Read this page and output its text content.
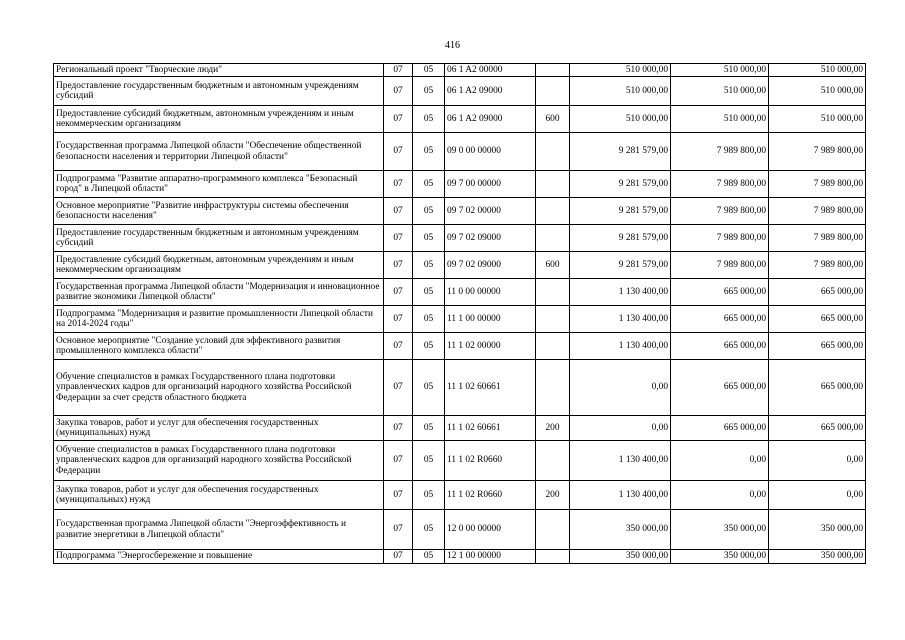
416
Региональный проект "Творческие люди"	07	05	06 1 A2 00000		510 000,00	510 000,00	510 000,00
Предоставление государственным бюджетным и автономным учреждениям субсидий	07	05	06 1 A2 09000		510 000,00	510 000,00	510 000,00
Предоставление субсидий бюджетным, автономным учреждениям и иным некоммерческим организациям	07	05	06 1 A2 09000	600	510 000,00	510 000,00	510 000,00
Государственная программа Липецкой области "Обеспечение общественной безопасности населения и территории Липецкой области"	07	05	09 0 00 00000		9 281 579,00	7 989 800,00	7 989 800,00
Подпрограмма "Развитие аппаратно-программного комплекса "Безопасный город" в Липецкой области"	07	05	09 7 00 00000		9 281 579,00	7 989 800,00	7 989 800,00
Основное мероприятие "Развитие инфраструктуры системы обеспечения безопасности населения"	07	05	09 7 02 00000		9 281 579,00	7 989 800,00	7 989 800,00
Предоставление государственным бюджетным и автономным учреждениям субсидий	07	05	09 7 02 09000		9 281 579,00	7 989 800,00	7 989 800,00
Предоставление субсидий бюджетным, автономным учреждениям и иным некоммерческим организациям	07	05	09 7 02 09000	600	9 281 579,00	7 989 800,00	7 989 800,00
Государственная программа Липецкой области "Модернизация и инновационное развитие экономики Липецкой области"	07	05	11 0 00 00000		1 130 400,00	665 000,00	665 000,00
Подпрограмма "Модернизация и развитие промышленности Липецкой области на 2014-2024 годы"	07	05	11 1 00 00000		1 130 400,00	665 000,00	665 000,00
Основное мероприятие "Создание условий для эффективного развития промышленного комплекса области"	07	05	11 1 02 00000		1 130 400,00	665 000,00	665 000,00
Обучение специалистов в рамках Государственного плана подготовки управленческих кадров для организаций народного хозяйства Российской Федерации за счет средств областного бюджета	07	05	11 1 02 60661		0,00	665 000,00	665 000,00
Закупка товаров, работ и услуг для обеспечения государственных (муниципальных) нужд	07	05	11 1 02 60661	200	0,00	665 000,00	665 000,00
Обучение специалистов в рамках Государственного плана подготовки управленческих кадров для организаций народного хозяйства Российской Федерации	07	05	11 1 02 R0660		1 130 400,00	0,00	0,00
Закупка товаров, работ и услуг для обеспечения государственных (муниципальных) нужд	07	05	11 1 02 R0660	200	1 130 400,00	0,00	0,00
Государственная программа Липецкой области "Энергоэффективность и развитие энергетики в Липецкой области"	07	05	12 0 00 00000		350 000,00	350 000,00	350 000,00
Подпрограмма "Энергосбережение и повышение	07	05	12 1 00 00000		350 000,00	350 000,00	350 000,00
